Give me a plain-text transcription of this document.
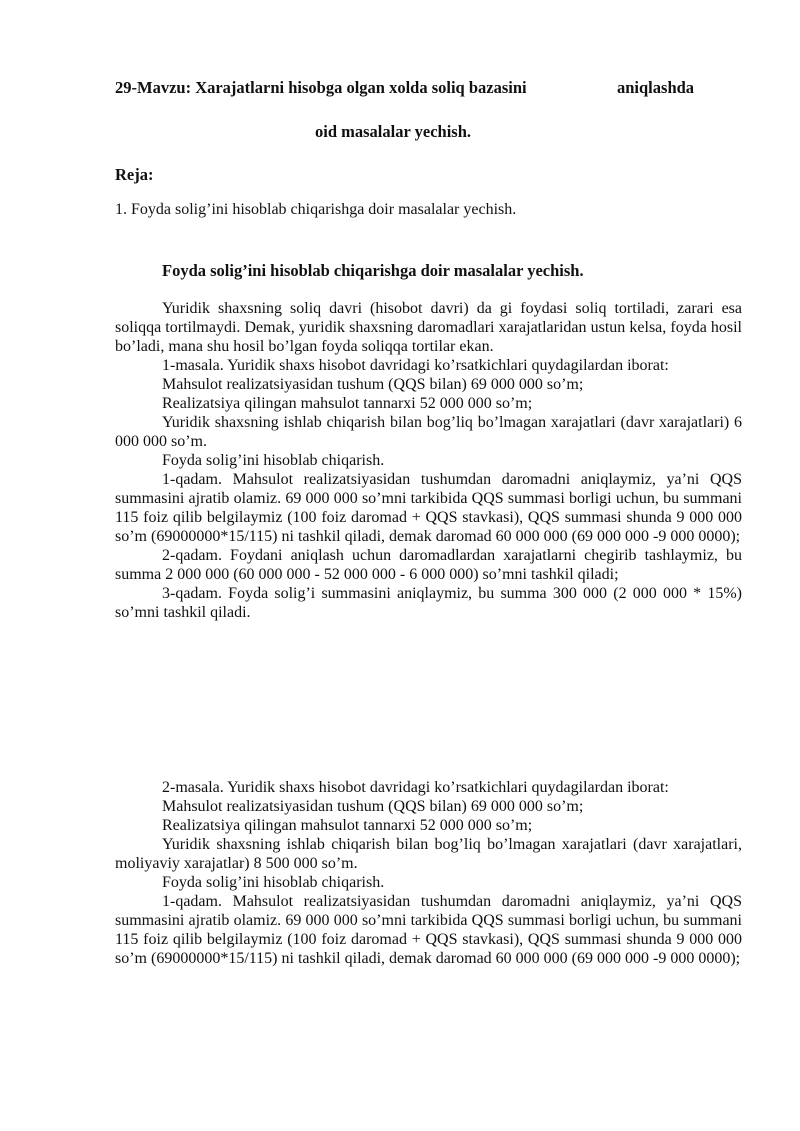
29-Mavzu: Xarajatlarni hisobga olgan xolda soliq bazasini	aniqlashda
oid masalalar yechish.
Reja:
1. Foyda solig’ini hisoblab chiqarishga doir masalalar yechish.
Foyda solig’ini hisoblab chiqarishga doir masalalar yechish.

Yuridik shaxsning soliq davri (hisobot davri) da gi foydasi soliq tortiladi, zarari esa soliqqa tortilmaydi. Demak, yuridik shaxsning daromadlari xarajatlaridan ustun kelsa, foyda hosil bo’ladi, mana shu hosil bo’lgan foyda soliqqa tortilar ekan.

1-masala. Yuridik shaxs hisobot davridagi ko’rsatkichlari quydagilardan iborat:

Mahsulot realizatsiyasidan tushum (QQS bilan) 69 000 000 so’m;

Realizatsiya qilingan mahsulot tannarxi 52 000 000 so’m;

Yuridik shaxsning ishlab chiqarish bilan bog’liq bo’lmagan xarajatlari (davr xarajatlari) 6 000 000 so’m.

Foyda solig’ini hisoblab chiqarish.

1-qadam. Mahsulot realizatsiyasidan tushumdan daromadni aniqlaymiz, ya’ni QQS summasini ajratib olamiz. 69 000 000 so’mni tarkibida QQS summasi borligi uchun, bu summani 115 foiz qilib belgilaymiz (100 foiz daromad + QQS stavkasi), QQS summasi shunda 9 000 000 so’m (69000000*15/115) ni tashkil qiladi, demak daromad 60 000 000 (69 000 000 -9 000 0000);

2-qadam. Foydani aniqlash uchun daromadlardan xarajatlarni chegirib tashlaymiz, bu summa 2 000 000 (60 000 000 - 52 000 000 - 6 000 000) so’mni tashkil qiladi;

3-qadam. Foyda solig’i summasini aniqlaymiz, bu summa 300 000 (2 000 000 * 15%) so’mni tashkil qiladi.

2-masala. Yuridik shaxs hisobot davridagi ko’rsatkichlari quydagilardan iborat:

Mahsulot realizatsiyasidan tushum (QQS bilan) 69 000 000 so’m;

Realizatsiya qilingan mahsulot tannarxi 52 000 000 so’m;

Yuridik shaxsning ishlab chiqarish bilan bog’liq bo’lmagan xarajatlari (davr xarajatlari, moliyaviy xarajatlar) 8 500 000 so’m.

Foyda solig’ini hisoblab chiqarish.

1-qadam. Mahsulot realizatsiyasidan tushumdan daromadni aniqlaymiz, ya’ni QQS summasini ajratib olamiz. 69 000 000 so’mni tarkibida QQS summasi borligi uchun, bu summani 115 foiz qilib belgilaymiz (100 foiz daromad + QQS stavkasi), QQS summasi shunda 9 000 000 so’m (69000000*15/115) ni tashkil qiladi, demak daromad 60 000 000 (69 000 000 -9 000 0000);
